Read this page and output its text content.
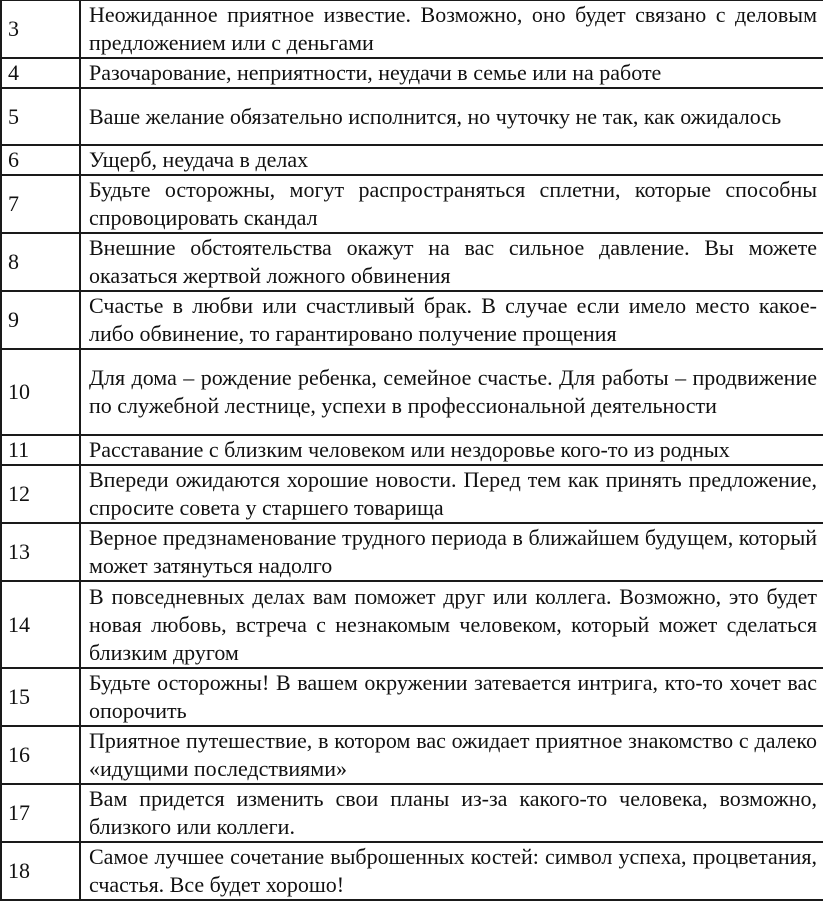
3	Неожиданное приятное известие. Возможно, оно будет связано с деловым предложением или с деньгами
4	Разочарование, неприятности, неудачи в семье или на работе
5	Ваше желание обязательно исполнится, но чуточку не так, как ожидалось
6	Ущерб, неудача в делах
7	Будьте осторожны, могут распространяться сплетни, которые способны спровоцировать скандал
8	Внешние обстоятельства окажут на вас сильное давление. Вы можете оказаться жертвой ложного обвинения
9	Счастье в любви или счастливый брак. В случае если имело место какое-либо обвинение, то гарантировано получение прощения
10	Для дома – рождение ребенка, семейное счастье. Для работы – продвижение по служебной лестнице, успехи в профессиональной деятельности
11	Расставание с близким человеком или нездоровье кого-то из родных
12	Впереди ожидаются хорошие новости. Перед тем как принять предложение, спросите совета у старшего товарища
13	Верное предзнаменование трудного периода в ближайшем будущем, который может затянуться надолго
14	В повседневных делах вам поможет друг или коллега. Возможно, это будет новая любовь, встреча с незнакомым человеком, который может сделаться близким другом
15	Будьте осторожны! В вашем окружении затевается интрига, кто-то хочет вас опорочить
16	Приятное путешествие, в котором вас ожидает приятное знакомство с далеко «идущими последствиями»
17	Вам придется изменить свои планы из-за какого-то человека, возможно, близкого или коллеги.
18	Самое лучшее сочетание выброшенных костей: символ успеха, процветания, счастья. Все будет хорошо!
